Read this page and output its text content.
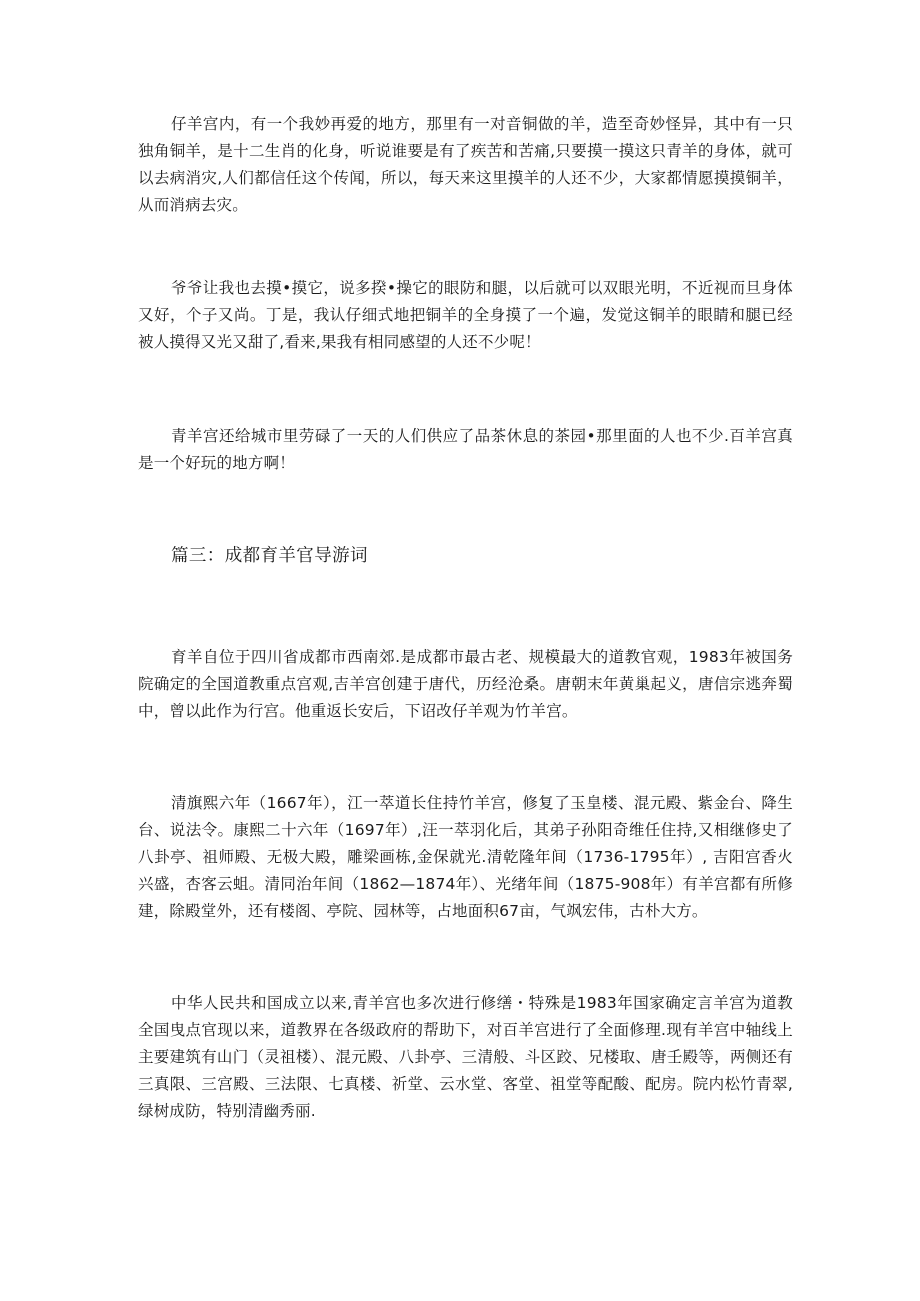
仔羊宫内，有一个我妙再爱的地方，那里有一对音铜做的羊，造至奇妙怪异，其中有一只独角铜羊，是十二生肖的化身，听说谁要是有了疾苦和苦痛,只要摸一摸这只青羊的身体，就可以去病消灾,人们都信任这个传闻，所以，每天来这里摸羊的人还不少，大家都情愿摸摸铜羊，从而消病去灾。

爷爷让我也去摸•摸它，说多揆•操它的眼防和腿，以后就可以双眼光明，不近视而旦身体又好，个子又尚。丁是，我认仔细式地把铜羊的全身摸了一个遍，发觉这铜羊的眼睛和腿已经被人摸得又光又甜了,看来,果我有相同感望的人还不少呢！

青羊宫还给城市里劳碌了一天的人们供应了品茶休息的茶园•那里面的人也不少.百羊宫真是一个好玩的地方啊！

篇三：成都育羊官导游词

育羊自位于四川省成都市西南郊.是成都市最古老、规模最大的道教官观，1983年被国务院确定的全国道教重点宫观,吉羊宫创建于唐代，历经沧桑。唐朝末年黄巢起义，唐信宗逃奔蜀中，曾以此作为行宫。他重返长安后，下诏改仔羊观为竹羊宫。

清旗熙六年（1667年），江一萃道长住持竹羊宫，修复了玉皇楼、混元殿、紫金台、降生台、说法令。康熙二十六年（1697年）,汪一萃羽化后，其弟子孙阳奇维任住持,又相继修史了八卦亭、祖师殿、无极大殿，雕梁画栋,金保就光.清乾隆年间（1736-1795年）, 吉阳宫香火兴盛，杏客云蛆。清同治年间（1862—1874年）、光绪年间（1875-908年）有羊宫都有所修建，除殿堂外，还有楼阁、亭院、园林等，占地面积67亩，气飒宏伟，古朴大方。

中华人民共和国成立以来,青羊宫也多次进行修缮・特殊是1983年国家确定言羊宫为道教全国曳点官现以来，道教界在各级政府的帮助下，对百羊宫进行了全面修理.现有羊宫中轴线上主要建筑有山门（灵祖楼）、混元殿、八卦亭、三清般、斗区跤、兄楼取、唐壬殿等，两侧还有三真限、三宫殿、三法限、七真楼、祈堂、云水堂、客堂、祖堂等配酸、配房。院内松竹青翠,绿树成防，特别清幽秀丽.
